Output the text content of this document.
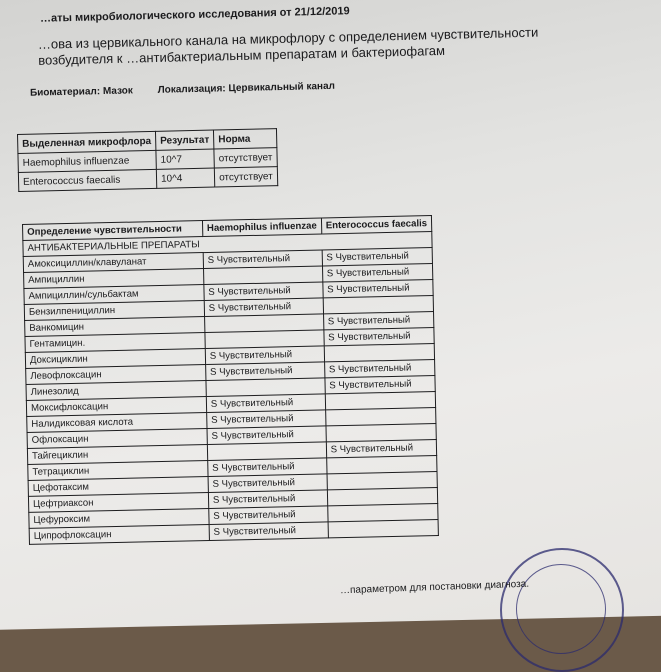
…аты микробиологического исследования от 21/12/2019
…ова из цервикального канала на микрофлору с определением чувствительности возбудителя к …антибактериальным препаратам и бактериофагам
Биоматериал: Мазок Локализация: Цервикальный канал
Выделенная микрофлора	Результат	Норма
Haemophilus influenzae	10^7	отсутствует
Enterococcus faecalis	10^4	отсутствует
Определение чувствительности	Haemophilus influenzae	Enterococcus faecalis
АНТИБАКТЕРИАЛЬНЫЕ ПРЕПАРАТЫ		
Амоксициллин/клавуланат	S Чувствительный	S Чувствительный
Ампициллин		S Чувствительный
Ампициллин/сульбактам	S Чувствительный	S Чувствительный
Бензилпенициллин	S Чувствительный	
Ванкомицин		S Чувствительный
Гентамицин.		S Чувствительный
Доксициклин	S Чувствительный	
Левофлоксацин	S Чувствительный	S Чувствительный
Линезолид		S Чувствительный
Моксифлоксацин	S Чувствительный	
Налидиксовая кислота	S Чувствительный	
Офлоксацин	S Чувствительный	
Тайгециклин		S Чувствительный
Тетрациклин	S Чувствительный	
Цефотаксим	S Чувствительный	
Цефтриаксон	S Чувствительный	
Цефуроксим	S Чувствительный	
Ципрофлоксацин	S Чувствительный	
…параметром для постановки диагноза.
